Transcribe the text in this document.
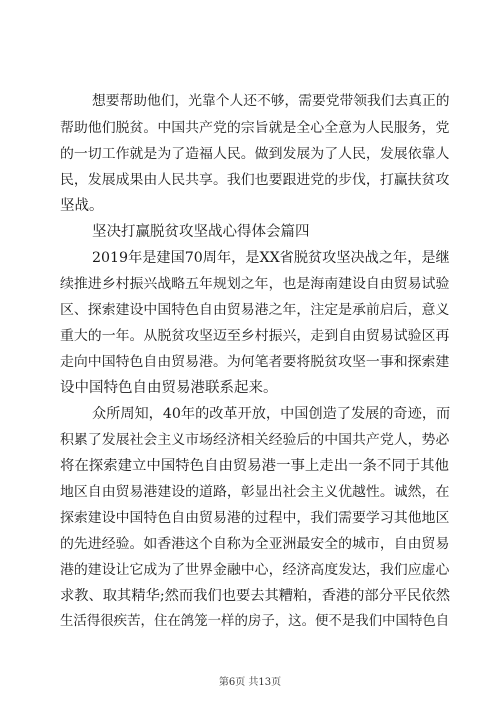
想要帮助他们，光靠个人还不够，需要党带领我们去真正的
帮助他们脱贫。中国共产党的宗旨就是全心全意为人民服务，党
的一切工作就是为了造福人民。做到发展为了人民，发展依靠人
民，发展成果由人民共享。我们也要跟进党的步伐，打赢扶贫攻
坚战。
坚决打赢脱贫攻坚战心得体会篇四
2019年是建国70周年，是XX省脱贫攻坚决战之年，是继
续推进乡村振兴战略五年规划之年，也是海南建设自由贸易试验
区、探索建设中国特色自由贸易港之年，注定是承前启后，意义
重大的一年。从脱贫攻坚迈至乡村振兴，走到自由贸易试验区再
走向中国特色自由贸易港。为何笔者要将脱贫攻坚一事和探索建
设中国特色自由贸易港联系起来。
众所周知，40年的改革开放，中国创造了发展的奇迹，而
积累了发展社会主义市场经济相关经验后的中国共产党人，势必
将在探索建立中国特色自由贸易港一事上走出一条不同于其他
地区自由贸易港建设的道路，彰显出社会主义优越性。诚然，在
探索建设中国特色自由贸易港的过程中，我们需要学习其他地区
的先进经验。如香港这个自称为全亚洲最安全的城市，自由贸易
港的建设让它成为了世界金融中心，经济高度发达，我们应虚心
求教、取其精华;然而我们也要去其糟粕，香港的部分平民依然
生活得很疾苦，住在鸽笼一样的房子，这。便不是我们中国特色自
第6页 共13页
